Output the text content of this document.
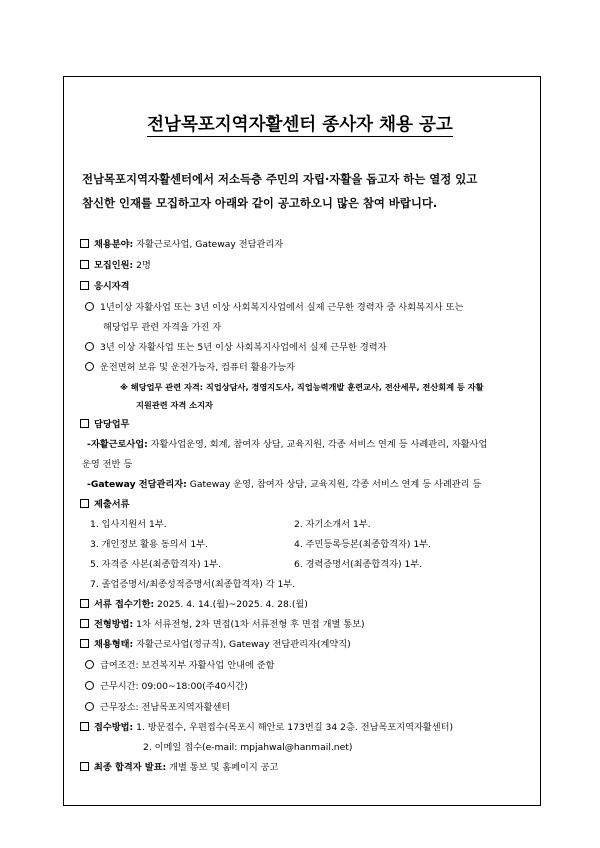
전남목포지역자활센터 종사자 채용 공고
전남목포지역자활센터에서 저소득층 주민의 자립·자활을 돕고자 하는 열정 있고
참신한 인재를 모집하고자 아래와 같이 공고하오니 많은 참여 바랍니다.
채용분야: 자활근로사업, Gateway 전담관리자
모집인원: 2명
응시자격
1년이상 자활사업 또는 3년 이상 사회복지사업에서 실제 근무한 경력자 중 사회복지사 또는
해당업무 관련 자격을 가진 자
3년 이상 자활사업 또는 5년 이상 사회복지사업에서 실제 근무한 경력자
운전면허 보유 및 운전가능자, 컴퓨터 활용가능자
※ 해당업무 관련 자격: 직업상담사, 경영지도사, 직업능력개발 훈련교사, 전산세무, 전산회계 등 자활
지원관련 자격 소지자
담당업무
-자활근로사업: 자활사업운영, 회계, 참여자 상담, 교육지원, 각종 서비스 연계 등 사례관리, 자활사업
운영 전반 등
-Gateway 전담관리자: Gateway 운영, 참여자 상담, 교육지원, 각종 서비스 연계 등 사례관리 등
제출서류
1. 입사지원서 1부.	2. 자기소개서 1부.
3. 개인정보 활용 동의서 1부.	4. 주민등록등본(최종합격자) 1부.
5. 자격증 사본(최종합격자) 1부.	6. 경력증명서(최종합격자) 1부.
7. 졸업증명서/최종성적증명서(최종합격자) 각 1부.
서류 접수기한: 2025. 4. 14.(월)~2025. 4. 28.(월)
전형방법: 1차 서류전형, 2차 면접(1차 서류전형 후 면접 개별 통보)
채용형태: 자활근로사업(정규직), Gateway 전담관리자(계약직)
급여조건: 보건복지부 자활사업 안내에 준함
근무시간: 09:00~18:00(주40시간)
근무장소: 전남목포지역자활센터
접수방법: 1. 방문접수, 우편접수(목포시 해안로 173번길 34 2층. 전남목포지역자활센터)
2. 이메일 접수(e-mail: mpjahwal@hanmail.net)
최종 합격자 발표: 개별 통보 및 홈페이지 공고
